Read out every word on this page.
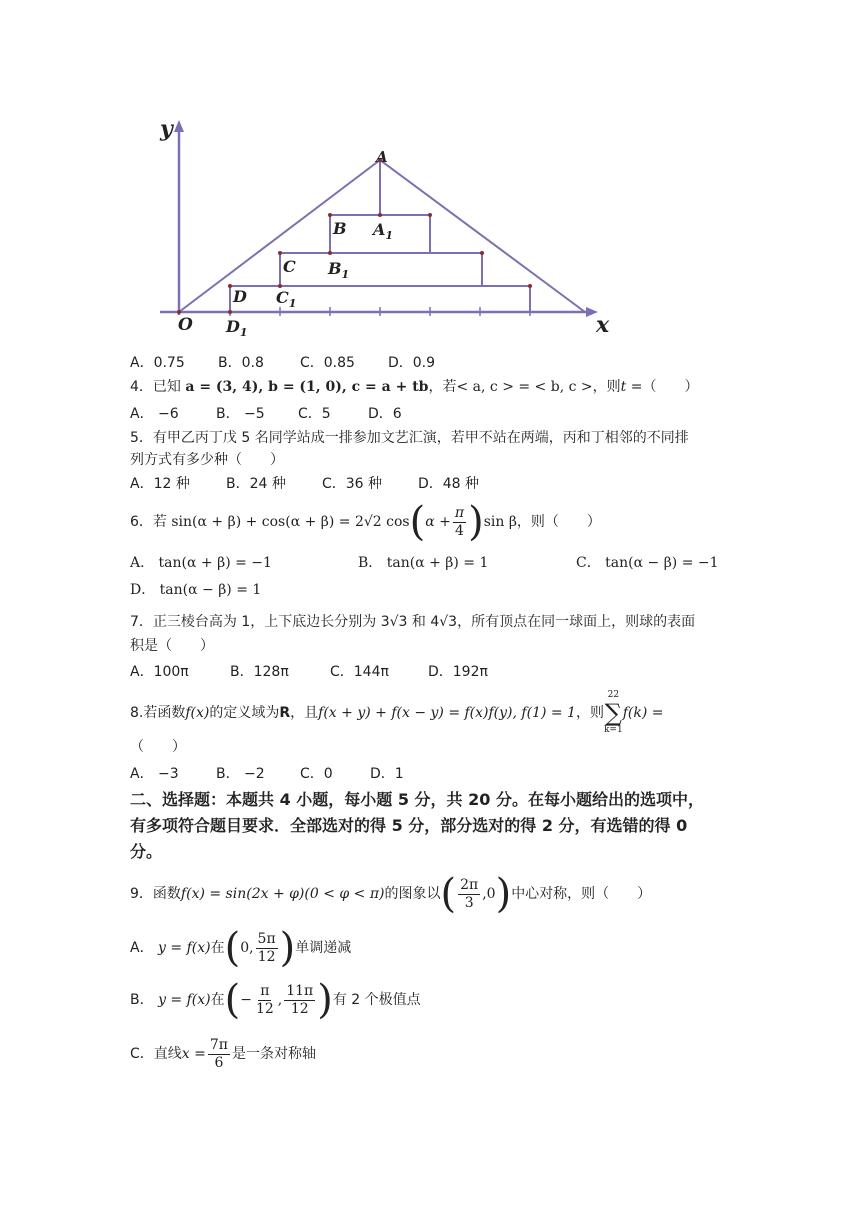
y
x
O
A
B $A_1$
C $B_1$
D $C_1$
$D_1$
A．0.75 B．0.8	C．0.85 D．0.9
4．已知 a = (3, 4), b = (1, 0), c = a + tb，若< a, c > = < b, c >，则t =（　　）
A． −6	B． −5 C．5	D．6
5．有甲乙丙丁戊 5 名同学站成一排参加文艺汇演，若甲不站在两端，丙和丁相邻的不同排
列方式有多少种（　　）
A．12 种	B．24 种	C．36 种	D．48 种
6．若 sin(α + β) + cos(α + β) = 2√2 $\cos(\alpha + \frac{\pi}{4} )\sin$ β，则（　　）
A． tan(α + β) = −1	B． tan(α + β) = 1	C． tan(α − β) = −1
D． tan(α − β) = 1
7．正三棱台高为 1，上下底边长分别为 3√3 和 4√3，所有顶点在同一球面上，则球的表面
积是（　　）
A．100π	B．128π	C．144π	D．192π
8.若函数f(x)的定义域为R，且f(x + y) + f(x − y) = f(x)f(y), f(1) = 1，则
22
∑
k=1
f(k) =
（　　）
A． −3	B． −2	C．0	D．1
二、选择题：本题共 4 小题，每小题 5 分，共 20 分。在每小题给出的选项中，
有多项符合题目要求．全部选对的得 5 分，部分选对的得 2 分，有选错的得 0
分。
9．函数f(x) = sin(2x + φ)(0 < φ < π)的图象以( $\frac{2\pi}{3} ,0$)中心对称，则（　　）
A． y = f(x)在(0, $\frac{5\pi}{12}$ )单调递减
B． y = f(x)在(− $\frac{\pi}{12}$ , $\frac{11\pi}{12}$ )有 2 个极值点
C．直线$x = \frac{7\pi}{6}$ 是一条对称轴
